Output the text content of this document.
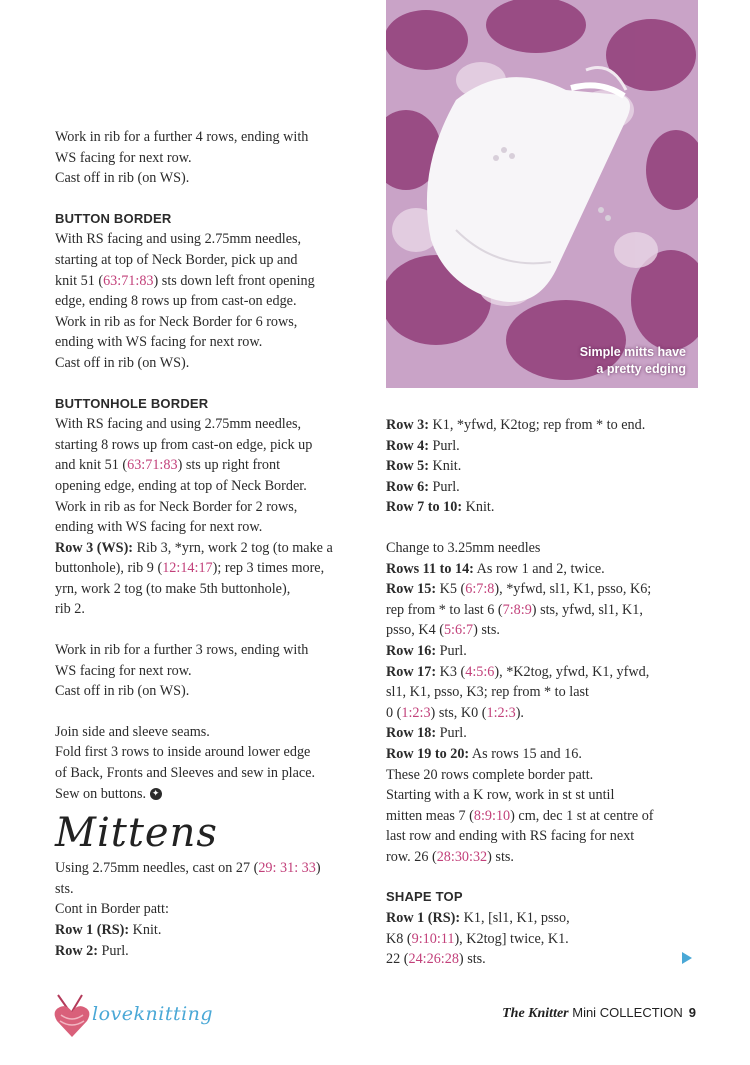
Simple mitts have
a pretty edging

Work in rib for a further 4 rows, ending with

WS facing for next row.

Cast off in rib (on WS).

BUTTON BORDER

With RS facing and using 2.75mm needles,

starting at top of Neck Border, pick up and

knit 51 (63:71:83) sts down left front opening

edge, ending 8 rows up from cast-on edge.

Work in rib as for Neck Border for 6 rows,

ending with WS facing for next row.

Cast off in rib (on WS).

BUTTONHOLE BORDER

With RS facing and using 2.75mm needles,

starting 8 rows up from cast-on edge, pick up

and knit 51 (63:71:83) sts up right front

opening edge, ending at top of Neck Border.

Work in rib as for Neck Border for 2 rows,

ending with WS facing for next row.

Row 3 (WS): Rib 3, *yrn, work 2 tog (to make a

buttonhole), rib 9 (12:14:17); rep 3 times more,

yrn, work 2 tog (to make 5th buttonhole),

rib 2.

Work in rib for a further 3 rows, ending with

WS facing for next row.

Cast off in rib (on WS).

Join side and sleeve seams.

Fold first 3 rows to inside around lower edge

of Back, Fronts and Sleeves and sew in place.

Sew on buttons. ✦

Mittens

Using 2.75mm needles, cast on 27 (29: 31: 33)

sts.

Cont in Border patt:

Row 1 (RS): Knit.

Row 2: Purl.

Row 3: K1, *yfwd, K2tog; rep from * to end.

Row 4: Purl.

Row 5: Knit.

Row 6: Purl.

Row 7 to 10: Knit.

Change to 3.25mm needles

Rows 11 to 14: As row 1 and 2, twice.

Row 15: K5 (6:7:8), *yfwd, sl1, K1, psso, K6;

rep from * to last 6 (7:8:9) sts, yfwd, sl1, K1,

psso, K4 (5:6:7) sts.

Row 16: Purl.

Row 17: K3 (4:5:6), *K2tog, yfwd, K1, yfwd,

sl1, K1, psso, K3; rep from * to last

0 (1:2:3) sts, K0 (1:2:3).

Row 18: Purl.

Row 19 to 20: As rows 15 and 16.

These 20 rows complete border patt.

Starting with a K row, work in st st until

mitten meas 7 (8:9:10) cm, dec 1 st at centre of

last row and ending with RS facing for next

row. 26 (28:30:32) sts.

SHAPE TOP

Row 1 (RS): K1, [sl1, K1, psso,

K8 (9:10:11), K2tog] twice, K1.

22 (24:26:28) sts.

loveknitting	The Knitter Mini COLLECTION 9
